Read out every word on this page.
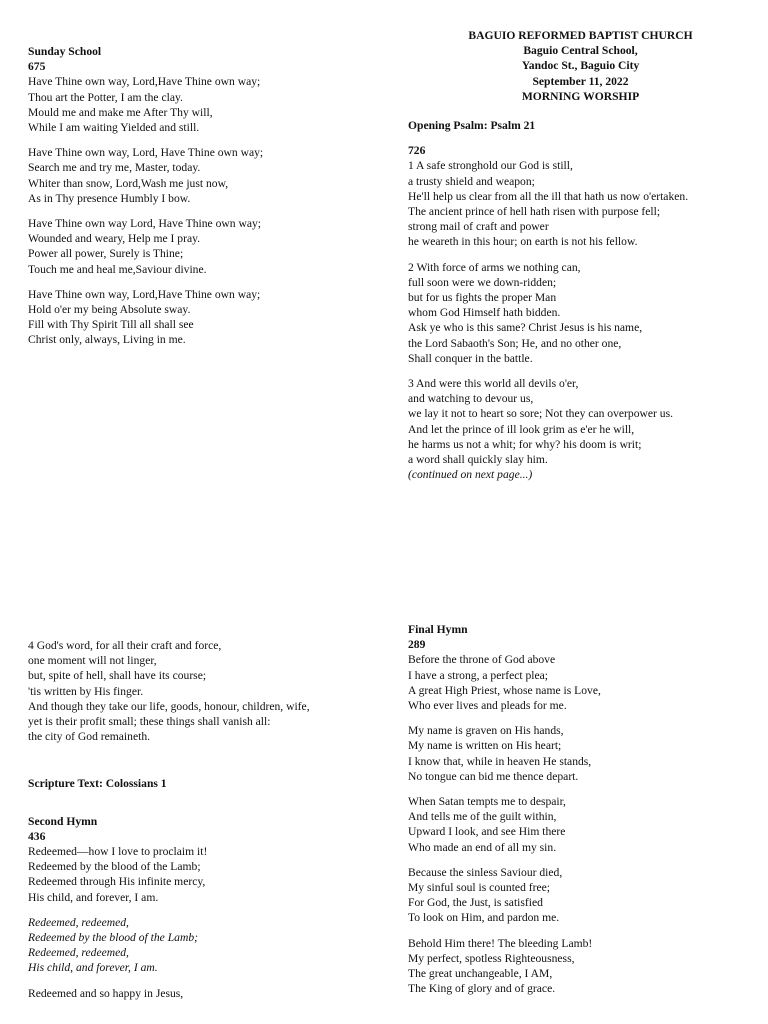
Sunday School
675
Have Thine own way, Lord,Have Thine own way;
Thou art the Potter, I am the clay.
Mould me and make me After Thy will,
While I am waiting Yielded and still.
Have Thine own way, Lord, Have Thine own way;
Search me and try me, Master, today.
Whiter than snow, Lord,Wash me just now,
As in Thy presence Humbly I bow.
Have Thine own way Lord, Have Thine own way;
Wounded and weary, Help me I pray.
Power all power, Surely is Thine;
Touch me and heal me,Saviour divine.
Have Thine own way, Lord,Have Thine own way;
Hold o'er my being Absolute sway.
Fill with Thy Spirit Till all shall see
Christ only, always, Living in me.
BAGUIO REFORMED BAPTIST CHURCH
Baguio Central School,
Yandoc St., Baguio City
September 11, 2022
MORNING WORSHIP
Opening Psalm: Psalm 21
726
1 A safe stronghold our God is still,
a trusty shield and weapon;
He'll help us clear from all the ill that hath us now o'ertaken.
The ancient prince of hell hath risen with purpose fell;
strong mail of craft and power
he weareth in this hour; on earth is not his fellow.
2 With force of arms we nothing can,
full soon were we down-ridden;
but for us fights the proper Man
whom God Himself hath bidden.
Ask ye who is this same? Christ Jesus is his name,
the Lord Sabaoth's Son; He, and no other one,
Shall conquer in the battle.
3 And were this world all devils o'er,
and watching to devour us,
we lay it not to heart so sore; Not they can overpower us.
And let the prince of ill look grim as e'er he will,
he harms us not a whit; for why? his doom is writ;
a word shall quickly slay him.
(continued on next page...)
4 God's word, for all their craft and force,
one moment will not linger,
but, spite of hell, shall have its course;
'tis written by His finger.
And though they take our life, goods, honour, children, wife,
yet is their profit small; these things shall vanish all:
the city of God remaineth.
Scripture Text: Colossians 1
Second Hymn
436
Redeemed—how I love to proclaim it!
Redeemed by the blood of the Lamb;
Redeemed through His infinite mercy,
His child, and forever, I am.
Redeemed, redeemed,
Redeemed by the blood of the Lamb;
Redeemed, redeemed,
His child, and forever, I am.
Redeemed and so happy in Jesus,
Final Hymn
289
Before the throne of God above
I have a strong, a perfect plea;
A great High Priest, whose name is Love,
Who ever lives and pleads for me.
My name is graven on His hands,
My name is written on His heart;
I know that, while in heaven He stands,
No tongue can bid me thence depart.
When Satan tempts me to despair,
And tells me of the guilt within,
Upward I look, and see Him there
Who made an end of all my sin.
Because the sinless Saviour died,
My sinful soul is counted free;
For God, the Just, is satisfied
To look on Him, and pardon me.
Behold Him there! The bleeding Lamb!
My perfect, spotless Righteousness,
The great unchangeable, I AM,
The King of glory and of grace.
